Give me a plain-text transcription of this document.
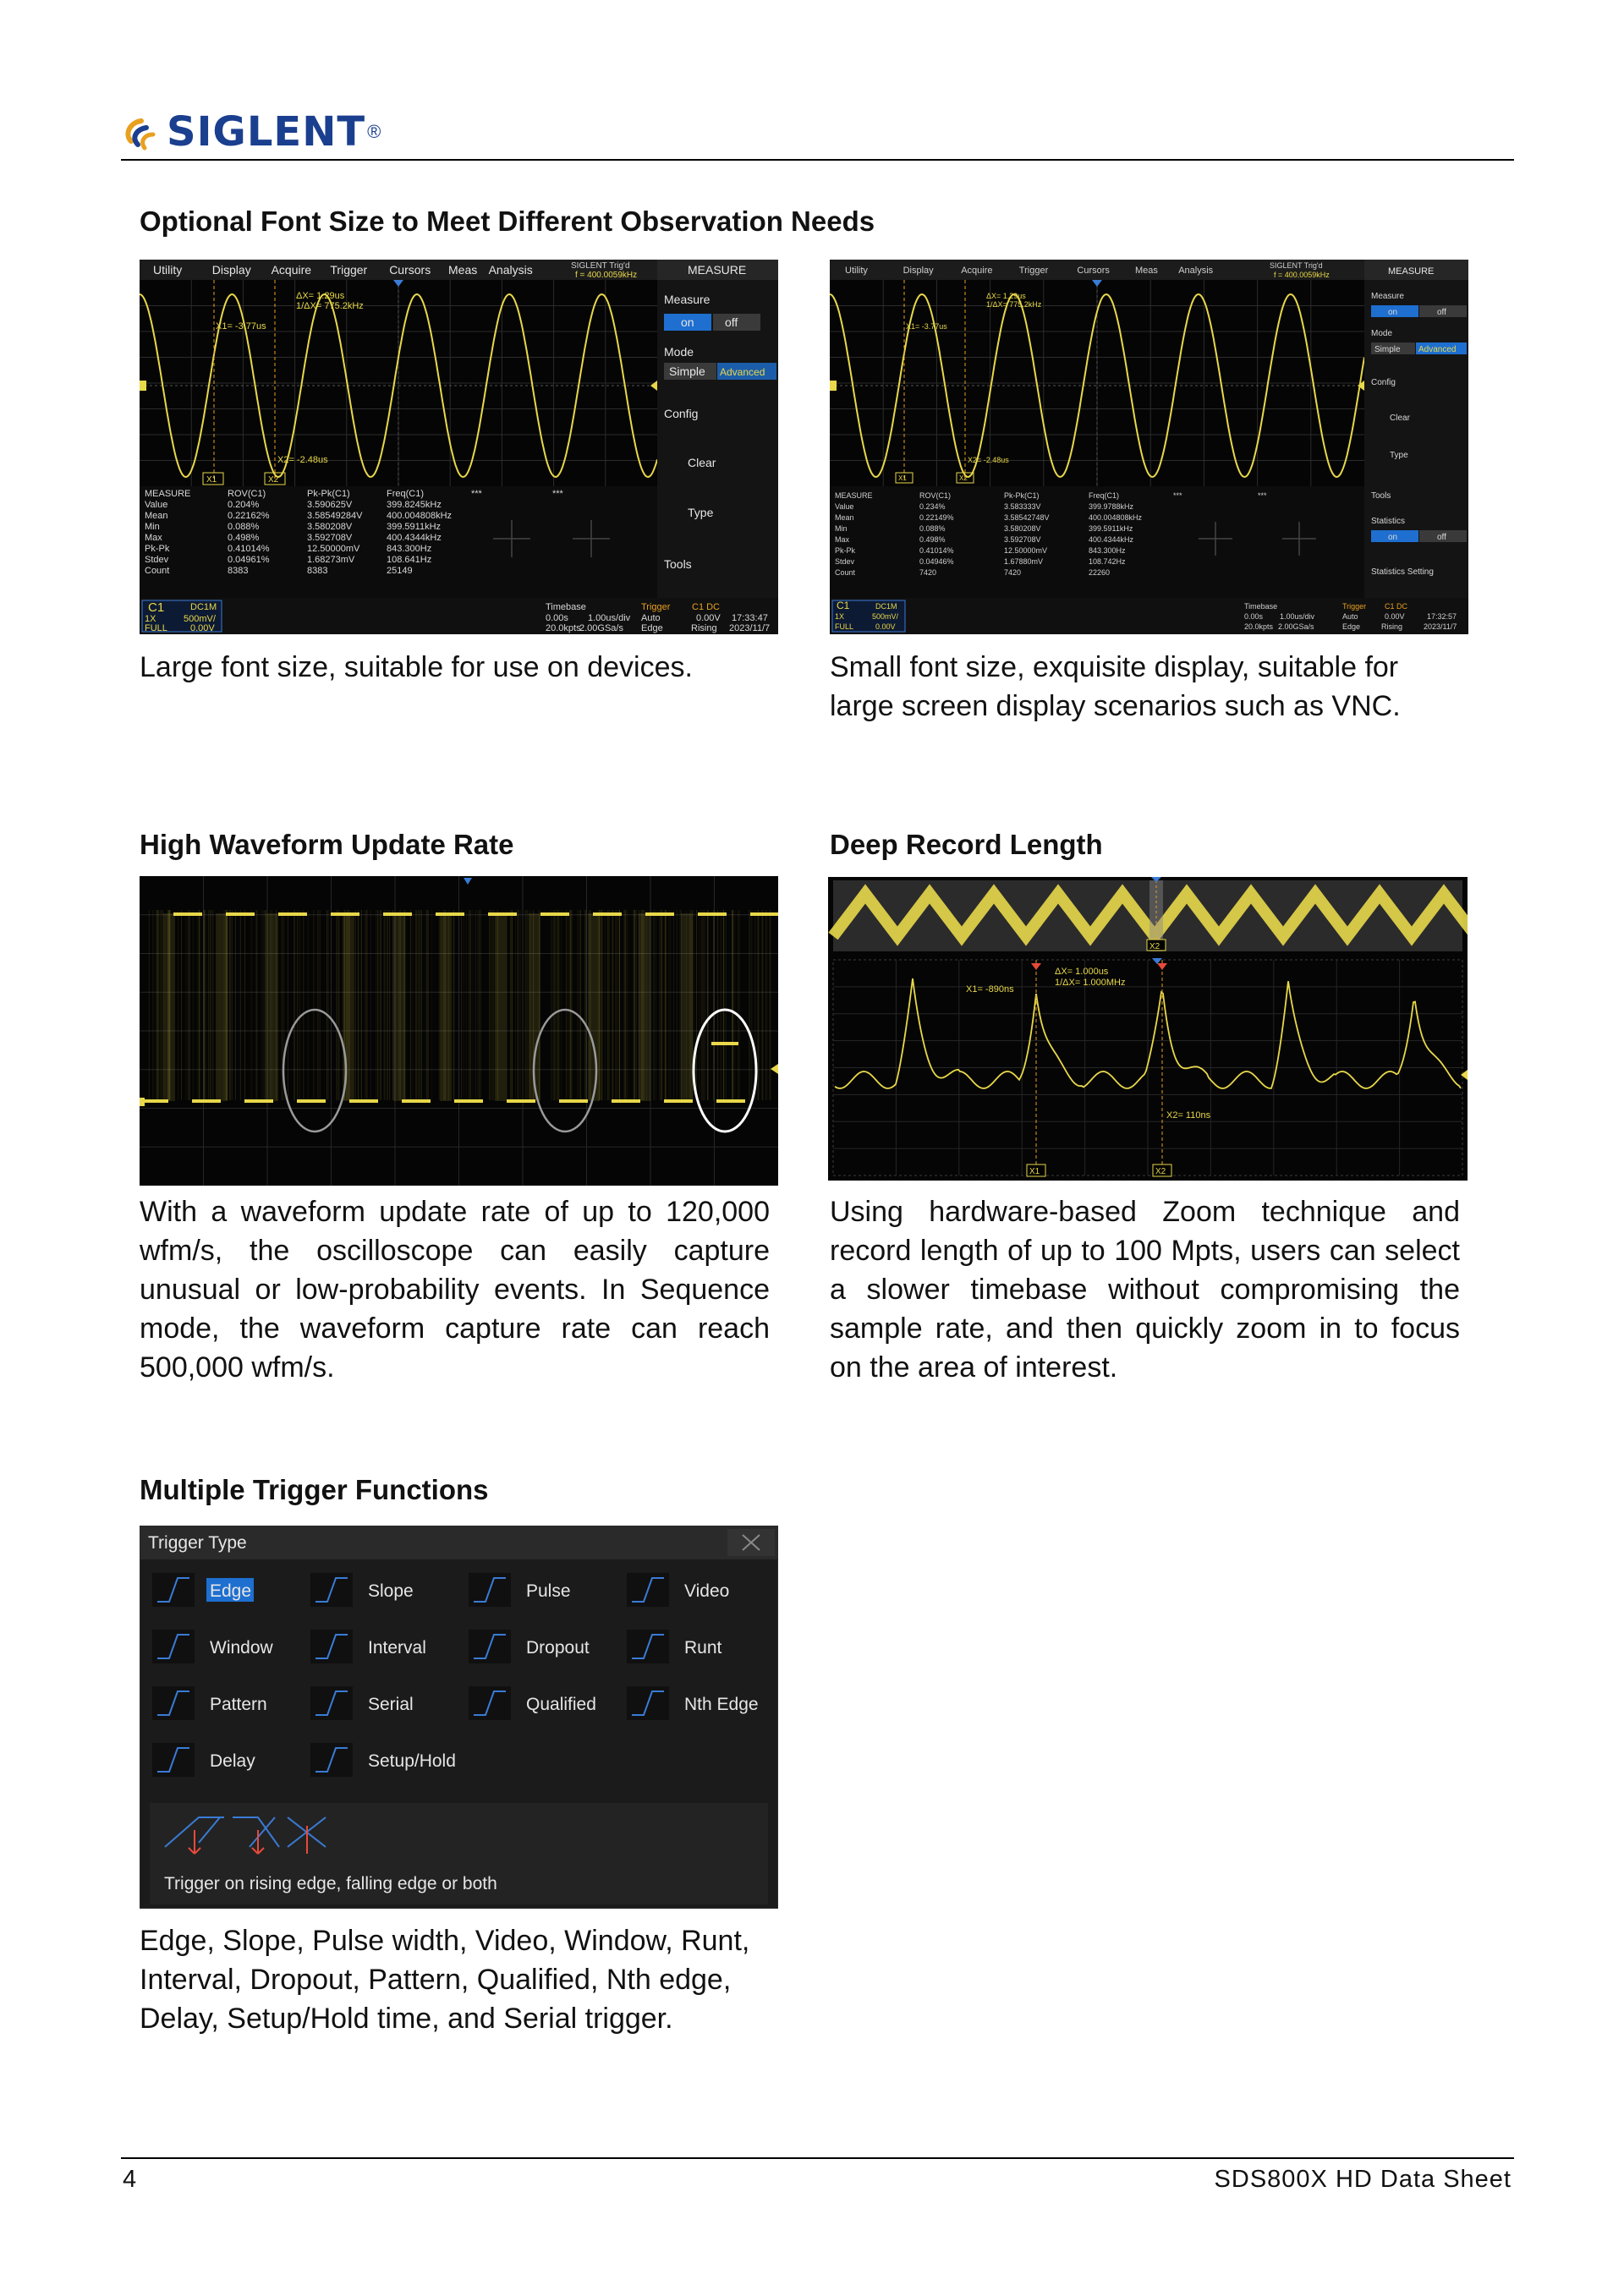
SIGLENT ®
Optional Font Size to Meet Different Observation Needs
Utility	Display Acquire Trigger Cursors Meas Analysis	SIGLENT Trig'd
f = 400.0059kHz
ΔX= 1.29us
1/ΔX= 775.2kHz
X1= -3.77us
X2= -2.48us
X1	X2
MEASURE
Measure
on	off
Mode
Simple Advanced
Config
Clear
Type
Tools
MEASURE	ROV(C1)	Pk-Pk(C1)	Freq(C1)	***	***
Value	0.204%	3.590625V	399.8245kHz
Mean	0.22162%	3.58549284V	400.004808kHz
Min	0.088%	3.580208V	399.5911kHz
Max	0.498%	3.592708V	400.4344kHz
Pk-Pk	0.41014%	12.50000mV	843.300Hz
Stdev	0.04961%	1.68273mV	108.641Hz
Count	8383	8383	25149
C1	DC1M
1X	500mV/
FULL 0.00V
Timebase
0.00s 1.00us/div
20.0kpts
2.00GSa/s
Trigger C1 DC
Auto	0.00V
Edge	Rising
17:33:47
2023/11/7
Large font size, suitable for use on devices.
Utility	Display	Acquire	Trigger	Cursors	Meas Analysis	SIGLENT Trig'd
f = 400.0059kHz
ΔX= 1.29us
1/ΔX= 775.2kHz
X1= -3.77us
X2= -2.48us
X1	X2
MEASURE
Measure
on	off
Mode
Simple Advanced
Config
Clear
Type
Tools
Statistics
on	off
Statistics Setting
MEASURE	ROV(C1)	Pk-Pk(C1)	Freq(C1)	***	***
Value	0.234%	3.583333V	399.9788kHz
Mean	0.22149%	3.58542748V	400.004808kHz
Min	0.088%	3.580208V	399.5911kHz
Max	0.498%	3.592708V	400.4344kHz
Pk-Pk	0.41014%	12.50000mV	843.300Hz
Stdev	0.04946%	1.67880mV	108.742Hz
Count	7420	7420	22260
C1	DC1M
1X	500mV/
FULL	0.00V
Timebase
0.00s 1.00us/div
20.0kpts 2.00GSa/s
Trigger C1 DC
Auto	0.00V
Edge	Rising
17:32:57
2023/11/7
Small font size, exquisite display, suitable for large screen display scenarios such as VNC.
High Waveform Update Rate	Deep Record Length
With a waveform update rate of up to 120,000 wfm/s, the oscilloscope can easily capture unusual or low-probability events. In Sequence mode, the waveform capture rate can reach 500,000 wfm/s.
X2
ΔX= 1.000us
1/ΔX= 1.000MHz
X1= -890ns
X2= 110ns
X1	X2
Using hardware-based Zoom technique and record length of up to 100 Mpts, users can select a slower timebase without compromising the sample rate, and then quickly zoom in to focus on the area of interest.
Multiple Trigger Functions
Trigger Type
Edge	Slope	Pulse	Video
Window	Interval	Dropout	Runt
Pattern	Serial	Qualified	Nth Edge
Delay	Setup/Hold
Trigger on rising edge, falling edge or both
Edge, Slope, Pulse width, Video, Window, Runt, Interval, Dropout, Pattern, Qualified, Nth edge, Delay, Setup/Hold time, and Serial trigger.
4	SDS800X HD Data Sheet
